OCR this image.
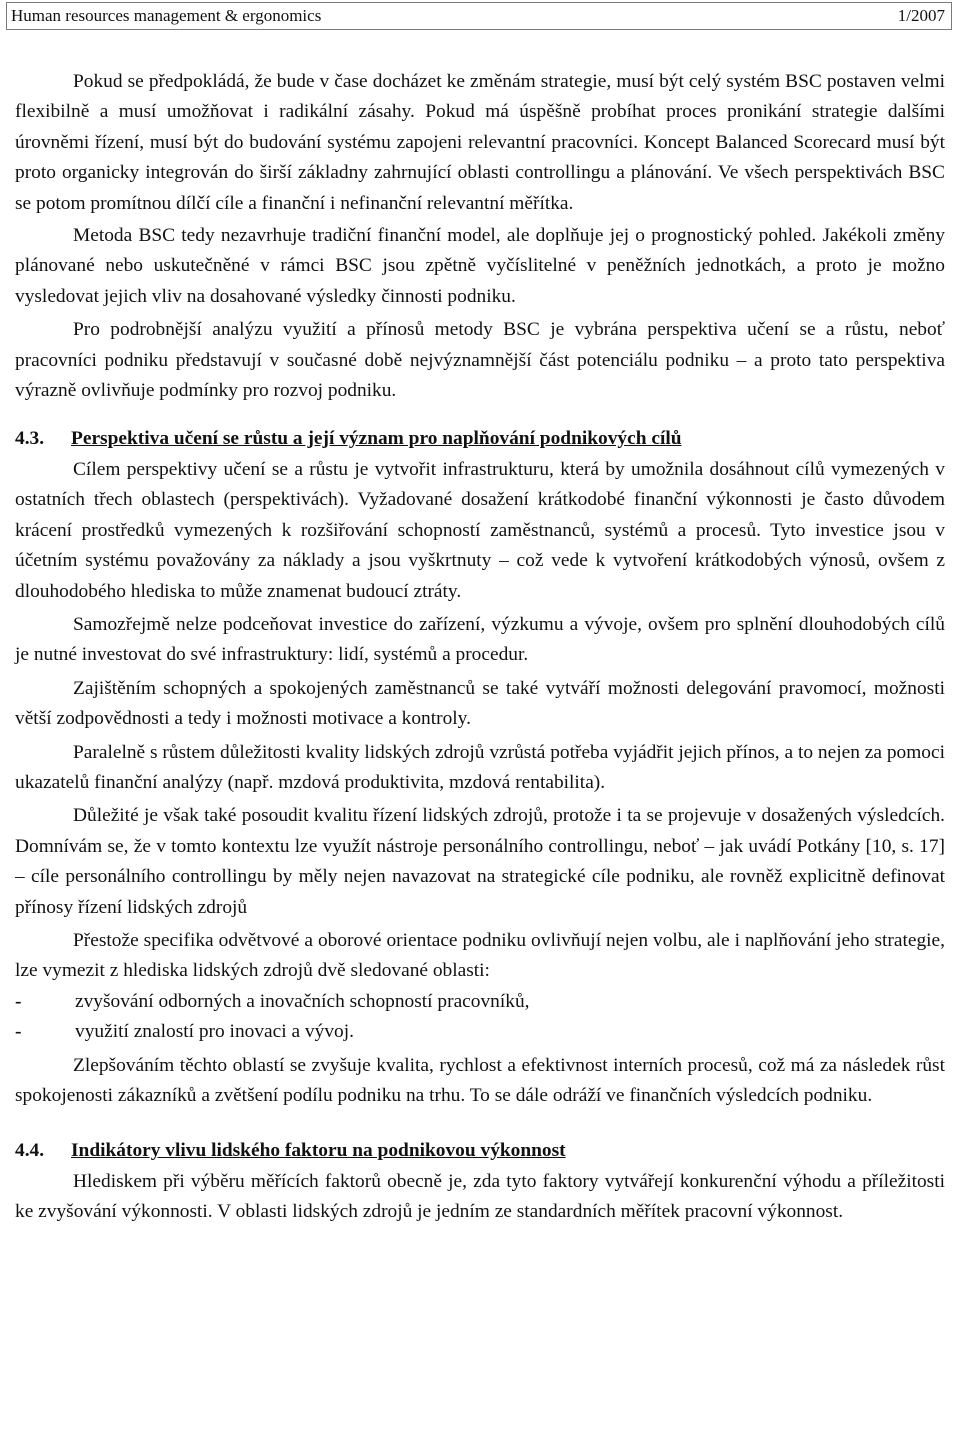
Human resources management & ergonomics	1/2007

Pokud se předpokládá, že bude v čase docházet ke změnám strategie, musí být celý systém BSC postaven velmi flexibilně a musí umožňovat i radikální zásahy. Pokud má úspěšně probíhat proces pronikání strategie dalšími úrovněmi řízení, musí být do budování systému zapojeni relevantní pracovníci. Koncept Balanced Scorecard musí být proto organicky integrován do širší základny zahrnující oblasti controllingu a plánování. Ve všech perspektivách BSC se potom promítnou dílčí cíle a finanční i nefinanční relevantní měřítka.

Metoda BSC tedy nezavrhuje tradiční finanční model, ale doplňuje jej o prognostický pohled. Jakékoli změny plánované nebo uskutečněné v rámci BSC jsou zpětně vyčíslitelné v peněžních jednotkách, a proto je možno vysledovat jejich vliv na dosahované výsledky činnosti podniku.

Pro podrobnější analýzu využití a přínosů metody BSC je vybrána perspektiva učení se a růstu, neboť pracovníci podniku představují v současné době nejvýznamnější část potenciálu podniku – a proto tato perspektiva výrazně ovlivňuje podmínky pro rozvoj podniku.

4.3. Perspektiva učení se růstu a její význam pro naplňování podnikových cílů

Cílem perspektivy učení se a růstu je vytvořit infrastrukturu, která by umožnila dosáhnout cílů vymezených v ostatních třech oblastech (perspektivách). Vyžadované dosažení krátkodobé finanční výkonnosti je často důvodem krácení prostředků vymezených k rozšiřování schopností zaměstnanců, systémů a procesů. Tyto investice jsou v účetním systému považovány za náklady a jsou vyškrtnuty – což vede k vytvoření krátkodobých výnosů, ovšem z dlouhodobého hlediska to může znamenat budoucí ztráty.

Samozřejmě nelze podceňovat investice do zařízení, výzkumu a vývoje, ovšem pro splnění dlouhodobých cílů je nutné investovat do své infrastruktury: lidí, systémů a procedur.

Zajištěním schopných a spokojených zaměstnanců se také vytváří možnosti delegování pravomocí, možnosti větší zodpovědnosti a tedy i možnosti motivace a kontroly.

Paralelně s růstem důležitosti kvality lidských zdrojů vzrůstá potřeba vyjádřit jejich přínos, a to nejen za pomoci ukazatelů finanční analýzy (např. mzdová produktivita, mzdová rentabilita).

Důležité je však také posoudit kvalitu řízení lidských zdrojů, protože i ta se projevuje v dosažených výsledcích. Domnívám se, že v tomto kontextu lze využít nástroje personálního controllingu, neboť – jak uvádí Potkány [10, s. 17] – cíle personálního controllingu by měly nejen navazovat na strategické cíle podniku, ale rovněž explicitně definovat přínosy řízení lidských zdrojů

Přestože specifika odvětvové a oborové orientace podniku ovlivňují nejen volbu, ale i naplňování jeho strategie, lze vymezit z hlediska lidských zdrojů dvě sledované oblasti:

-	zvyšování odborných a inovačních schopností pracovníků,
-	využití znalostí pro inovaci a vývoj.

Zlepšováním těchto oblastí se zvyšuje kvalita, rychlost a efektivnost interních procesů, což má za následek růst spokojenosti zákazníků a zvětšení podílu podniku na trhu. To se dále odráží ve finančních výsledcích podniku.

4.4. Indikátory vlivu lidského faktoru na podnikovou výkonnost

Hlediskem při výběru měřících faktorů obecně je, zda tyto faktory vytvářejí konkurenční výhodu a příležitosti ke zvyšování výkonnosti. V oblasti lidských zdrojů je jedním ze standardních měřítek pracovní výkonnost.
